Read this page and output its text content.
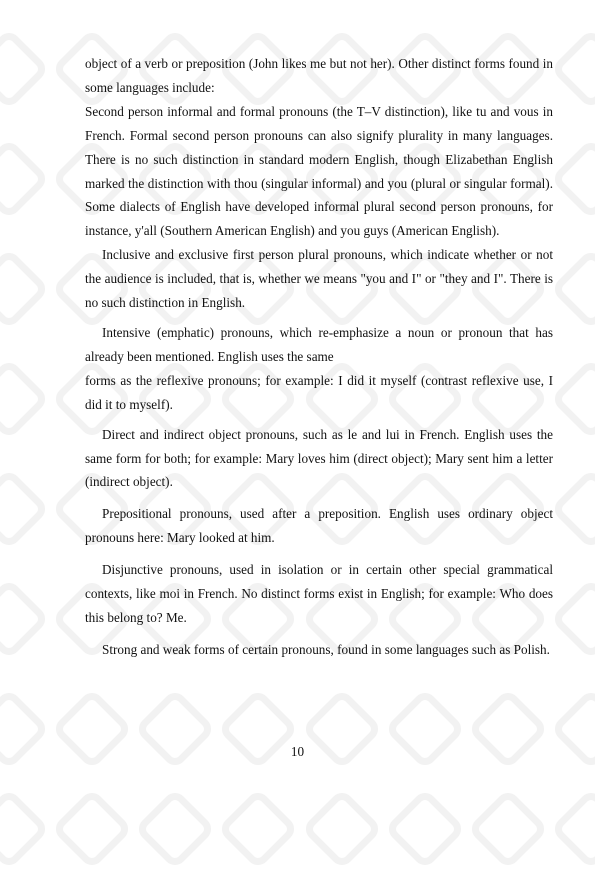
object of a verb or preposition (John likes me but not her). Other distinct forms found in some languages include:

Second person informal and formal pronouns (the T–V distinction), like tu and vous in French. Formal second person pronouns can also signify plurality in many languages. There is no such distinction in standard modern English, though Elizabethan English marked the distinction with thou (singular informal) and you (plural or singular formal). Some dialects of English have developed informal plural second person pronouns, for instance, y'all (Southern American English) and you guys (American English).

Inclusive and exclusive first person plural pronouns, which indicate whether or not the audience is included, that is, whether we means "you and I" or "they and I". There is no such distinction in English.

Intensive (emphatic) pronouns, which re-emphasize a noun or pronoun that has already been mentioned. English uses the same

forms as the reflexive pronouns; for example: I did it myself (contrast reflexive use, I did it to myself).

Direct and indirect object pronouns, such as le and lui in French. English uses the same form for both; for example: Mary loves him (direct object); Mary sent him a letter (indirect object).

Prepositional pronouns, used after a preposition. English uses ordinary object pronouns here: Mary looked at him.

Disjunctive pronouns, used in isolation or in certain other special grammatical contexts, like moi in French. No distinct forms exist in English; for example: Who does this belong to? Me.

Strong and weak forms of certain pronouns, found in some languages such as Polish.

10
